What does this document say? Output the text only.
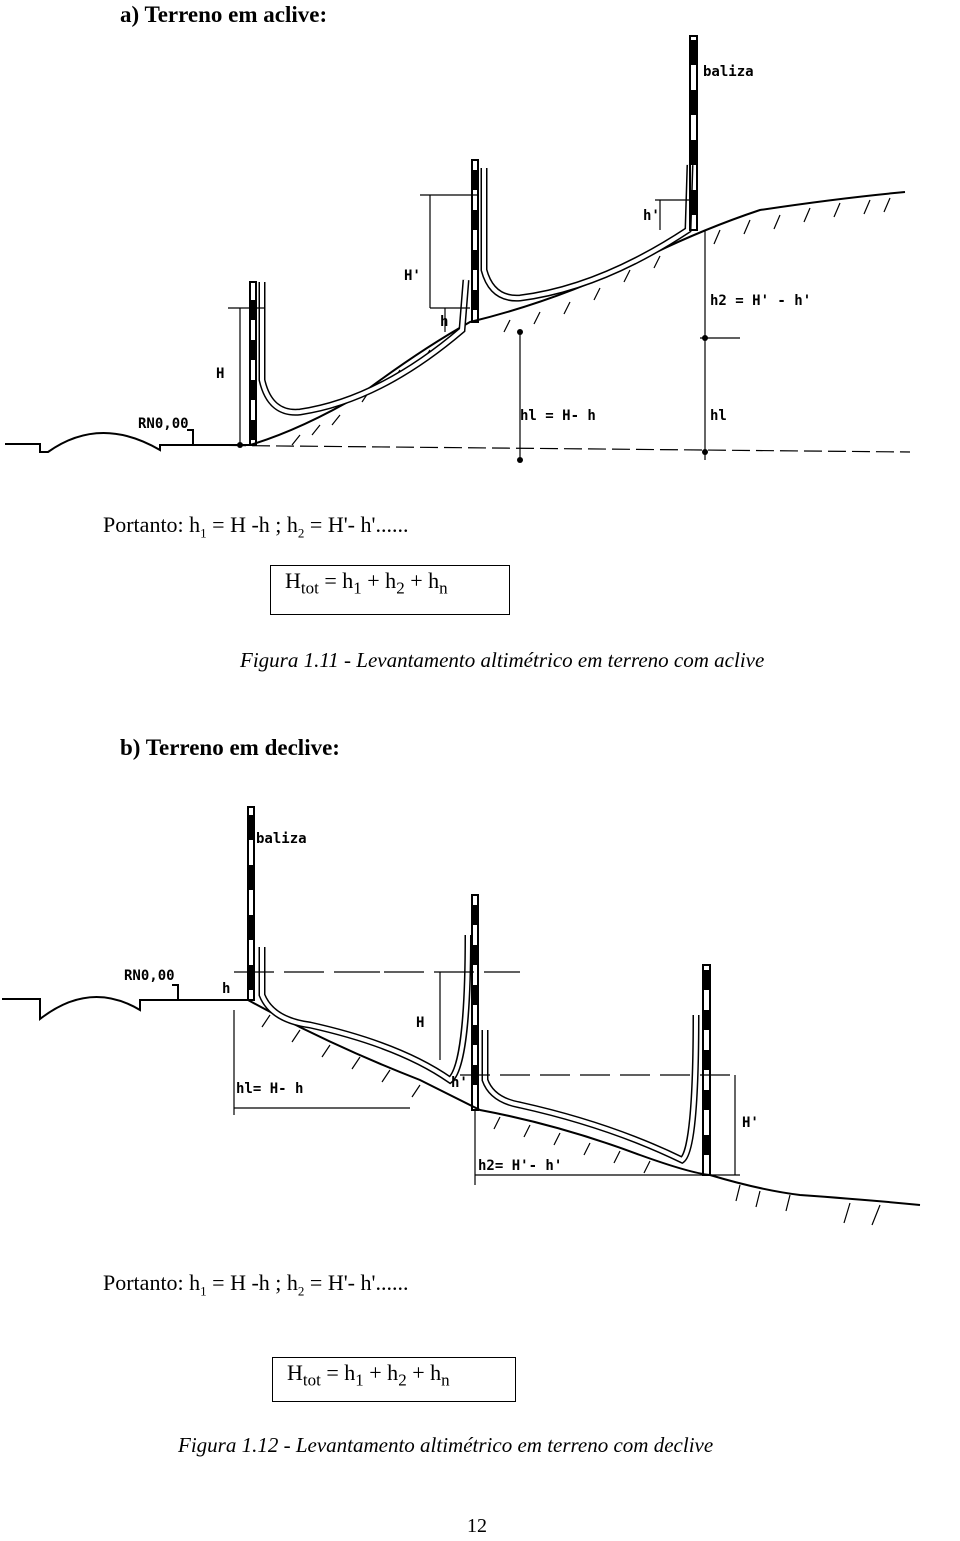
a) Terreno em aclive:
baliza
RN0,00
H
H'
h
h'
hl = H- h
h2 = H' - h'
hl
Portanto: $h_1 = H$ -h ; $h_2 = H'-$ h'......
$H_{tot} = h_1 + h_2 + h_n$
Figura 1.11 - Levantamento altimétrico em terreno com aclive
b) Terreno em declive:
baliza
RN0,00
h
H
hl= H- h	h'
h2= H'- h'
H'
Portanto: $h_1 = H$ -h ; $h_2 = H'-$ h'......
$H_{tot} = h_1 + h_2 + h_n$
Figura 1.12 - Levantamento altimétrico em terreno com declive
12
